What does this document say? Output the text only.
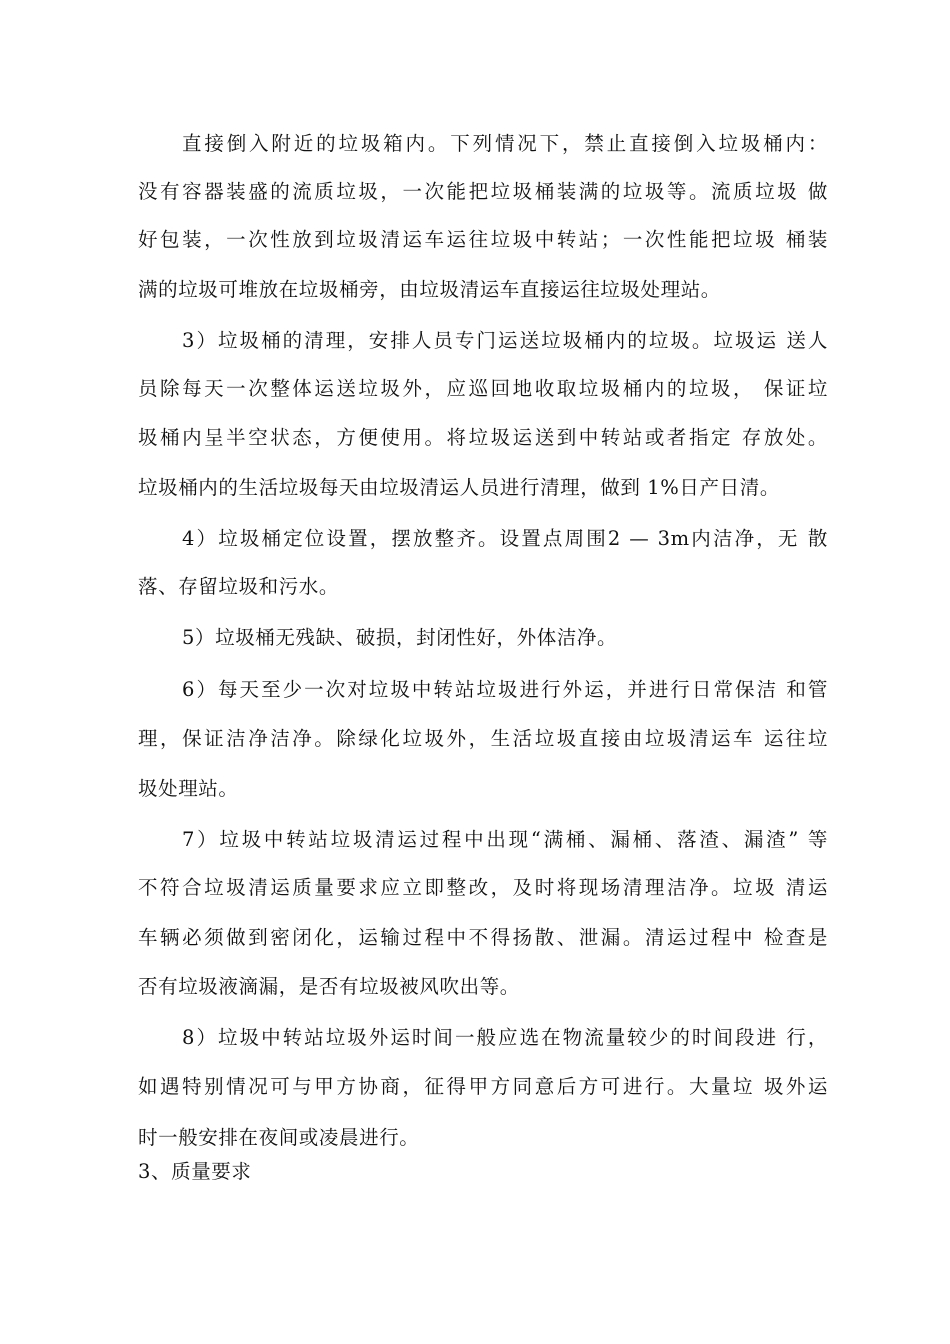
直接倒入附近的垃圾箱内。下列情况下，禁止直接倒入垃圾桶内：
没有容器装盛的流质垃圾，一次能把垃圾桶装满的垃圾等。流质垃圾 做
好包装，一次性放到垃圾清运车运往垃圾中转站；一次性能把垃圾 桶装
满的垃圾可堆放在垃圾桶旁，由垃圾清运车直接运往垃圾处理站。
3）垃圾桶的清理，安排人员专门运送垃圾桶内的垃圾。垃圾运 送人
员除每天一次整体运送垃圾外，应巡回地收取垃圾桶内的垃圾， 保证垃
圾桶内呈半空状态，方便使用。将垃圾运送到中转站或者指定 存放处。
垃圾桶内的生活垃圾每天由垃圾清运人员进行清理，做到 1%日产日清。
4）垃圾桶定位设置，摆放整齐。设置点周围2 — 3m内洁净，无 散
落、存留垃圾和污水。
5）垃圾桶无残缺、破损，封闭性好，外体洁净。
6）每天至少一次对垃圾中转站垃圾进行外运，并进行日常保洁 和管
理，保证洁净洁净。除绿化垃圾外，生活垃圾直接由垃圾清运车 运往垃
圾处理站。
7）垃圾中转站垃圾清运过程中出现“满桶、漏桶、落渣、漏渣” 等
不符合垃圾清运质量要求应立即整改，及时将现场清理洁净。垃圾 清运
车辆必须做到密闭化，运输过程中不得扬散、泄漏。清运过程中 检查是
否有垃圾液滴漏，是否有垃圾被风吹出等。
8）垃圾中转站垃圾外运时间一般应选在物流量较少的时间段进 行，
如遇特别情况可与甲方协商，征得甲方同意后方可进行。大量垃 圾外运
时一般安排在夜间或凌晨进行。
3、质量要求
